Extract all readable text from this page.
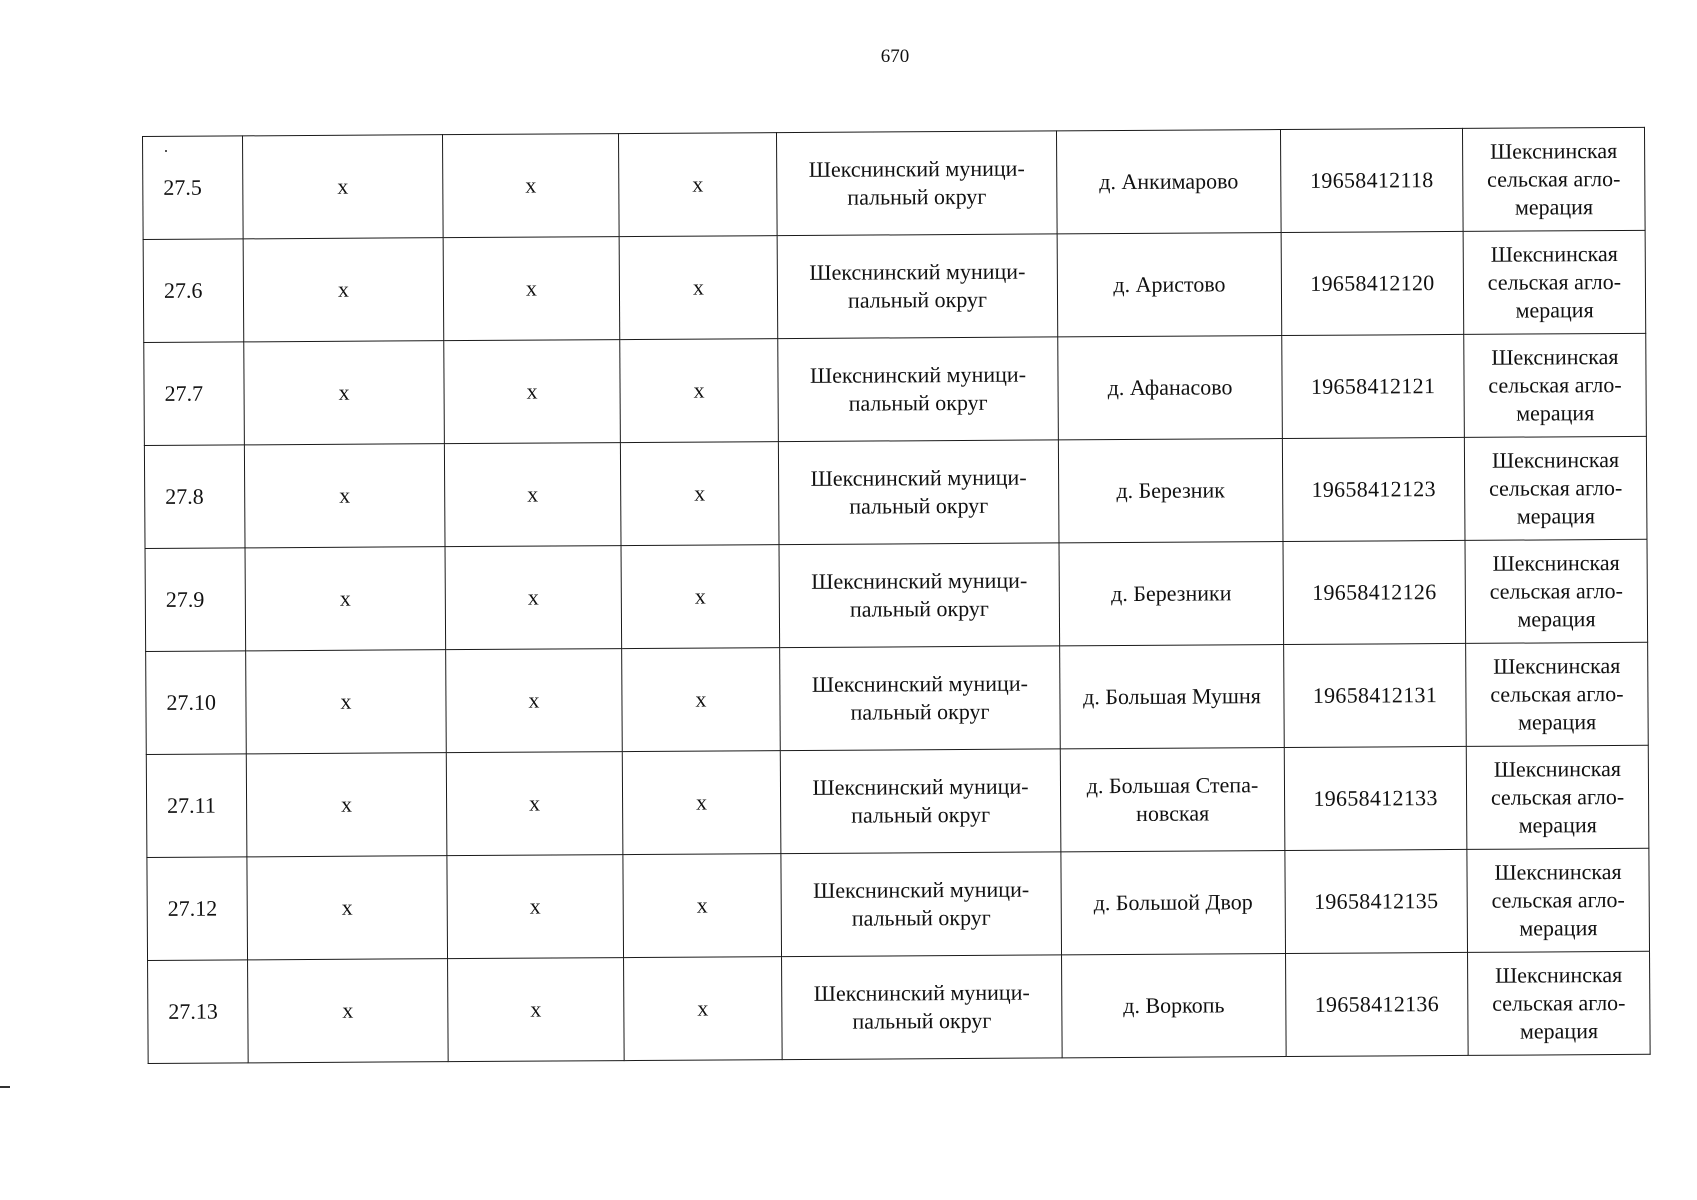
670
27.5	х	х	х	Шекснинский муници-
пальный округ	д. Анкимарово	19658412118	Шекснинская
сельская агло-
мерация
27.6	х	х	х	Шекснинский муници-
пальный округ	д. Аристово	19658412120	Шекснинская
сельская агло-
мерация
27.7	х	х	х	Шекснинский муници-
пальный округ	д. Афанасово	19658412121	Шекснинская
сельская агло-
мерация
27.8	х	х	х	Шекснинский муници-
пальный округ	д. Березник	19658412123	Шекснинская
сельская агло-
мерация
27.9	х	х	х	Шекснинский муници-
пальный округ	д. Березники	19658412126	Шекснинская
сельская агло-
мерация
27.10	х	х	х	Шекснинский муници-
пальный округ	д. Большая Мушня	19658412131	Шекснинская
сельская агло-
мерация
27.11	х	х	х	Шекснинский муници-
пальный округ	д. Большая Степа-
новская	19658412133	Шекснинская
сельская агло-
мерация
27.12	х	х	х	Шекснинский муници-
пальный округ	д. Большой Двор	19658412135	Шекснинская
сельская агло-
мерация
27.13	х	х	х	Шекснинский муници-
пальный округ	д. Воркопь	19658412136	Шекснинская
сельская агло-
мерация
